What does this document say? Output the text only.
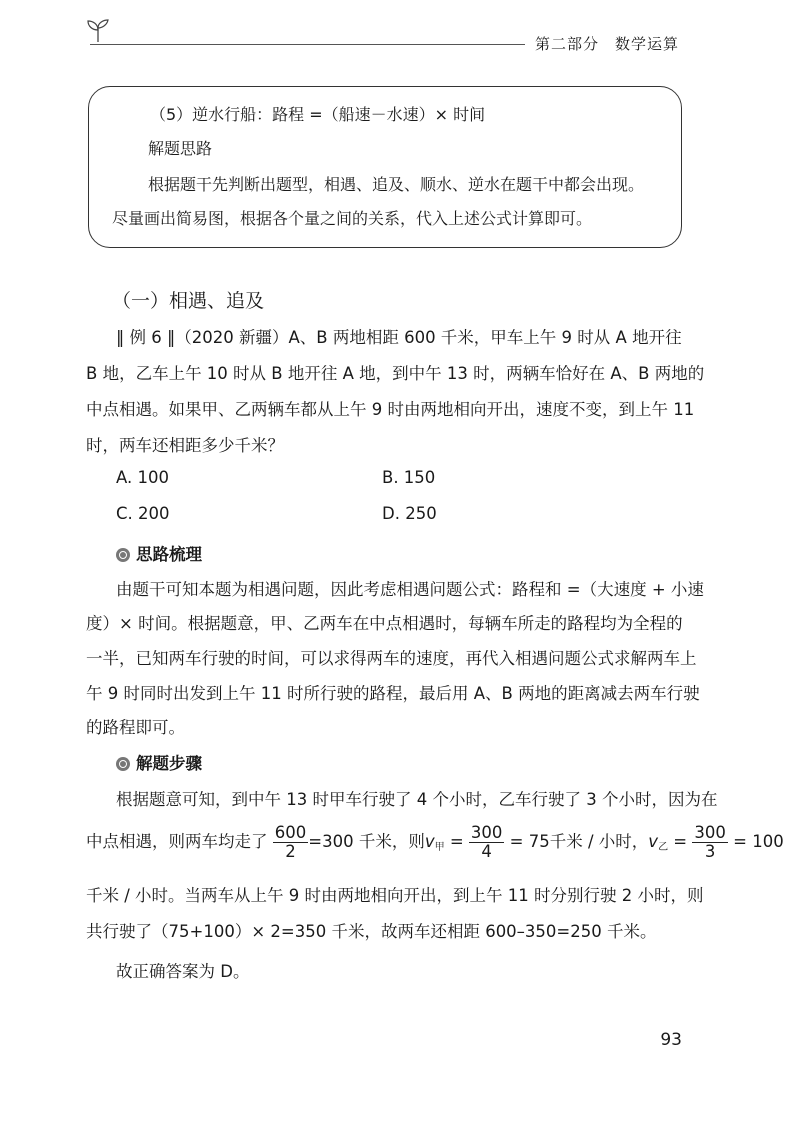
第二部分　数学运算
（5）逆水行船：路程 =（船速－水速）× 时间
解题思路
根据题干先判断出题型，相遇、追及、顺水、逆水在题干中都会出现。
尽量画出简易图，根据各个量之间的关系，代入上述公式计算即可。
（一）相遇、追及
‖ 例 6 ‖（2020 新疆）A、B 两地相距 600 千米，甲车上午 9 时从 A 地开往
B 地，乙车上午 10 时从 B 地开往 A 地，到中午 13 时，两辆车恰好在 A、B 两地的
中点相遇。如果甲、乙两辆车都从上午 9 时由两地相向开出，速度不变，到上午 11
时，两车还相距多少千米？
A. 100	B. 150
C. 200	D. 250
思路梳理
由题干可知本题为相遇问题，因此考虑相遇问题公式：路程和 =（大速度 + 小速
度）× 时间。根据题意，甲、乙两车在中点相遇时，每辆车所走的路程均为全程的
一半，已知两车行驶的时间，可以求得两车的速度，再代入相遇问题公式求解两车上
午 9 时同时出发到上午 11 时所行驶的路程，最后用 A、B 两地的距离减去两车行驶
的路程即可。
解题步骤
根据题意可知，到中午 13 时甲车行驶了 4 个小时，乙车行驶了 3 个小时，因为在
中点相遇，则两车均走了 $\frac{600}{2} =300$ 千米，则$v_甲 = \frac{300}{4} = 75$千米 / 小时，$v_乙 = \frac{300}{3} = 100$
千米 / 小时。当两车从上午 9 时由两地相向开出，到上午 11 时分别行驶 2 小时，则
共行驶了（75+100）× 2=350 千米，故两车还相距 600–350=250 千米。
故正确答案为 D。
93
